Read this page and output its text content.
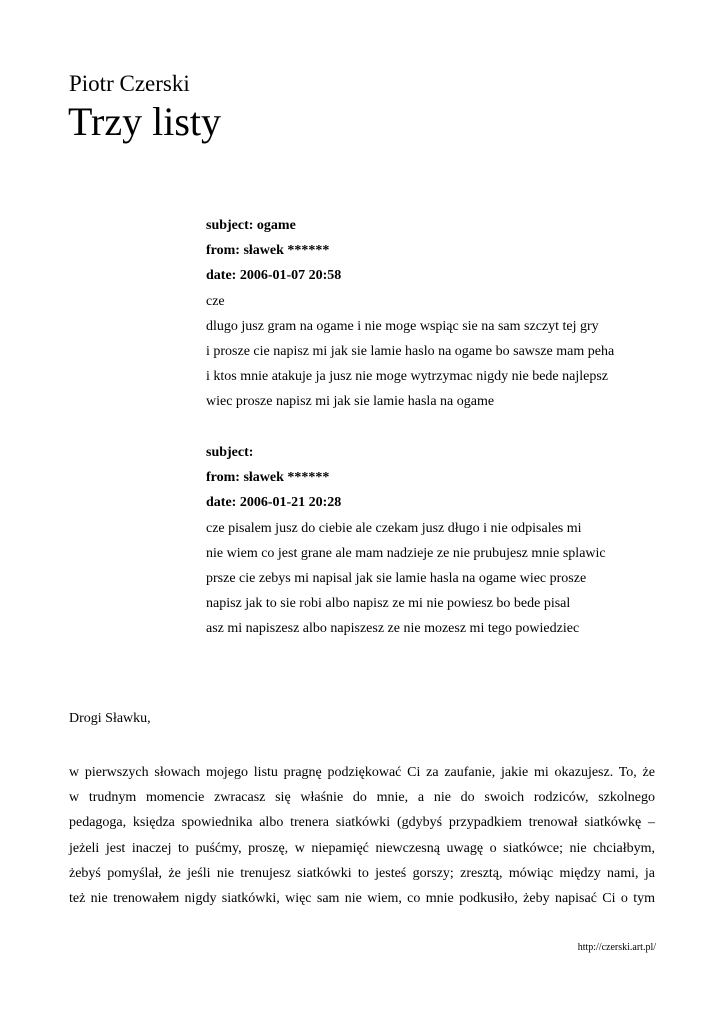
Piotr Czerski
Trzy listy
subject: ogame
from: sławek ******
date: 2006-01-07 20:58
cze
dlugo jusz gram na ogame i nie moge wspiąc sie na sam szczyt tej gry
i prosze cie napisz mi jak sie lamie haslo na ogame bo sawsze mam peha
i ktos mnie atakuje ja jusz nie moge wytrzymac nigdy nie bede najlepsz
wiec prosze napisz mi jak sie lamie hasla na ogame
subject:
from: sławek ******
date: 2006-01-21 20:28
cze pisalem jusz do ciebie ale czekam jusz długo i nie odpisales mi
nie wiem co jest grane ale mam nadzieje ze nie prubujesz mnie splawic
prsze cie zebys mi napisal jak sie lamie hasla na ogame wiec prosze
napisz jak to sie robi albo napisz ze mi nie powiesz bo bede pisal
asz mi napiszesz albo napiszesz ze nie mozesz mi tego powiedziec
Drogi Sławku,
w pierwszych słowach mojego listu pragnę podziękować Ci za zaufanie, jakie mi okazujesz. To, że
w trudnym momencie zwracasz się właśnie do mnie, a nie do swoich rodziców, szkolnego
pedagoga, księdza spowiednika albo trenera siatkówki (gdybyś przypadkiem trenował siatkówkę –
jeżeli jest inaczej to puśćmy, proszę, w niepamięć niewczesną uwagę o siatkówce; nie chciałbym,
żebyś pomyślał, że jeśli nie trenujesz siatkówki to jesteś gorszy; zresztą, mówiąc między nami, ja
też nie trenowałem nigdy siatkówki, więc sam nie wiem, co mnie podkusiło, żeby napisać Ci o tym
http://czerski.art.pl/
